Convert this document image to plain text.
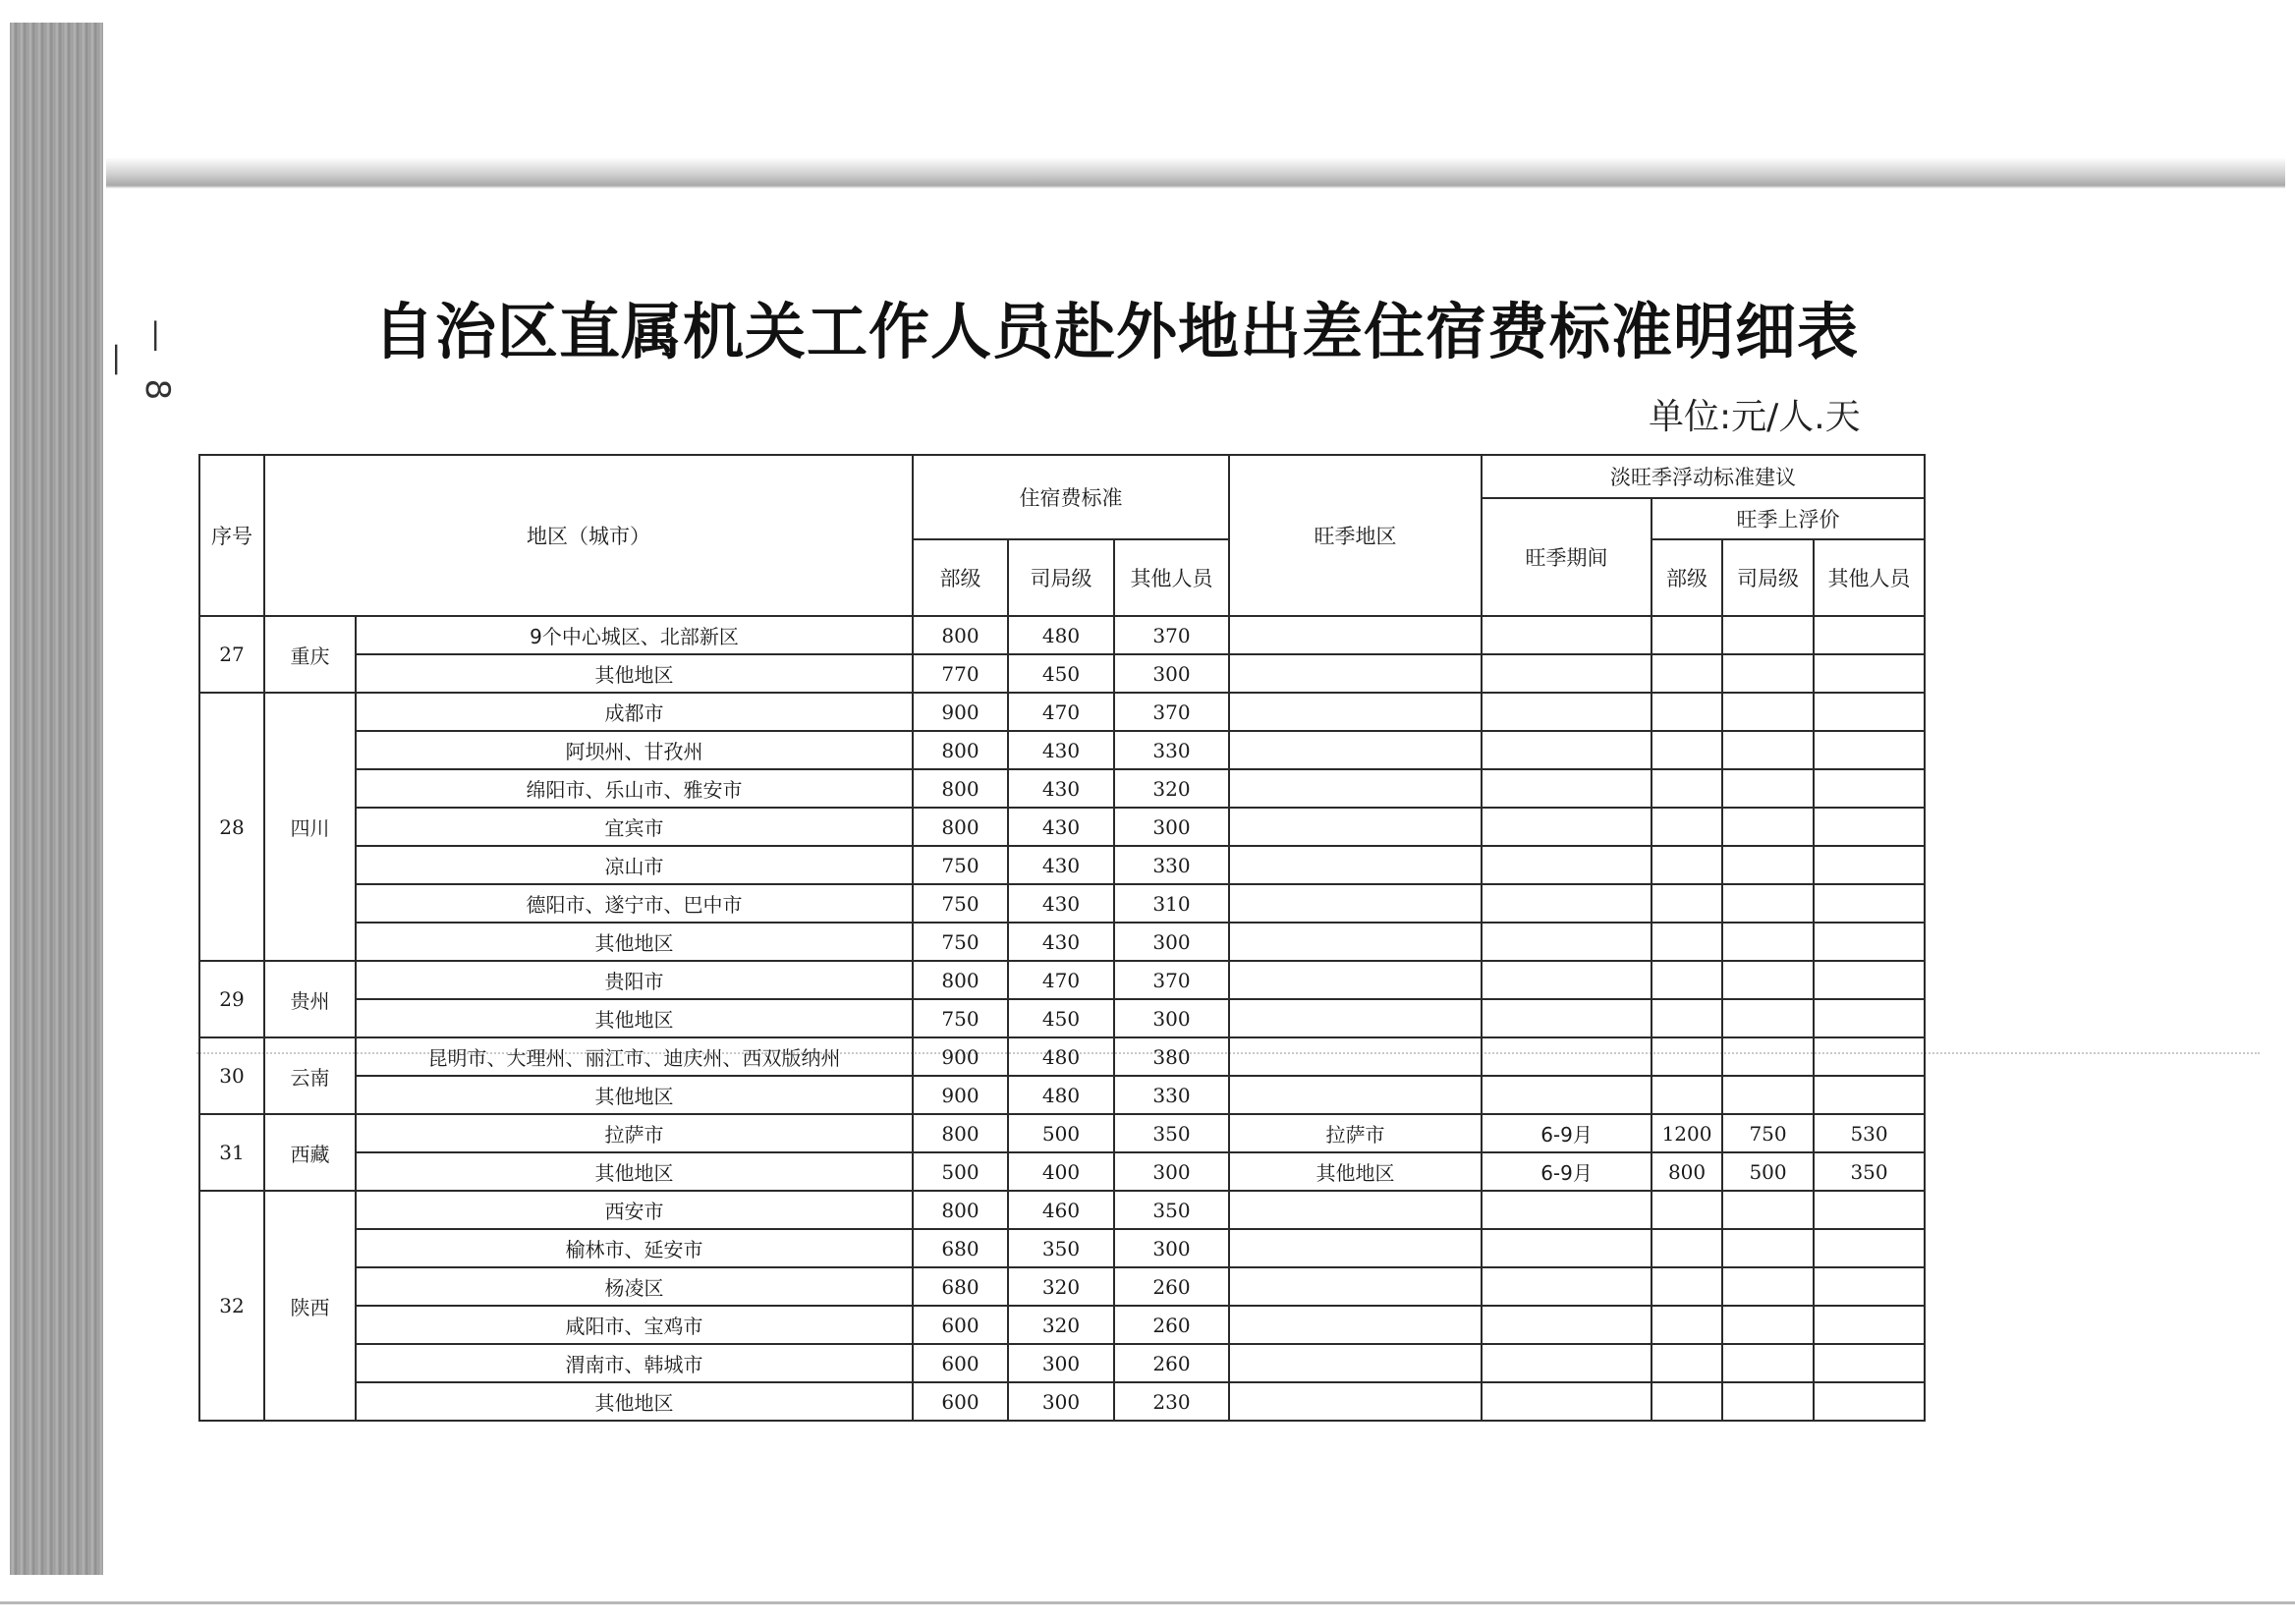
— 8 —	自治区直属机关工作人员赴外地出差住宿费标准明细表
单位:元/人.天
序号	地区（城市）		住宿费标准			旺季地区	淡旺季浮动标准建议			
							旺季期间	旺季上浮价		
			部级	司局级	其他人员			部级	司局级	其他人员
27	重庆	9个中心城区、北部新区	800	480	370					
		其他地区	770	450	300					
28	四川	成都市	900	470	370					
		阿坝州、甘孜州	800	430	330					
		绵阳市、乐山市、雅安市	800	430	320					
		宜宾市	800	430	300					
		凉山市	750	430	330					
		德阳市、遂宁市、巴中市	750	430	310					
		其他地区	750	430	300					
29	贵州	贵阳市	800	470	370					
		其他地区	750	450	300					
30	云南	昆明市、大理州、丽江市、迪庆州、西双版纳州	900	480	380					
		其他地区	900	480	330					
31	西藏	拉萨市	800	500	350	拉萨市	6-9月	1200	750	530
		其他地区	500	400	300	其他地区	6-9月	800	500	350
32	陕西	西安市	800	460	350					
		榆林市、延安市	680	350	300					
		杨凌区	680	320	260					
		咸阳市、宝鸡市	600	320	260					
		渭南市、韩城市	600	300	260					
		其他地区	600	300	230					
